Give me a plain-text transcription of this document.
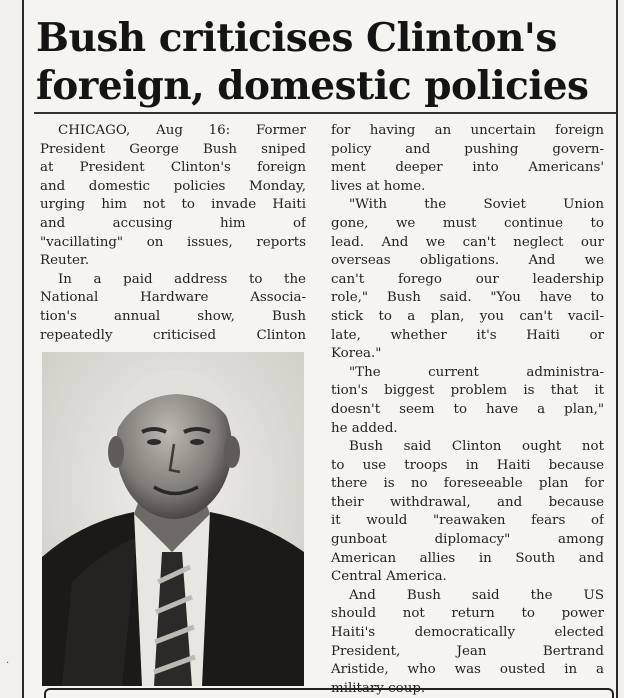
Bush criticises Clinton's
foreign, domestic policies
CHICAGO, Aug 16: Former
President George Bush sniped
at President Clinton's foreign
and domestic policies Monday,
urging him not to invade Haiti
and accusing him of
"vacillating" on issues, reports
Reuter.
In a paid address to the
National Hardware Associa-
tion's annual show, Bush
repeatedly criticised Clinton
for having an uncertain foreign
policy and pushing govern-
ment deeper into Americans'
lives at home.
"With the Soviet Union
gone, we must continue to
lead. And we can't neglect our
overseas obligations. And we
can't forego our leadership
role," Bush said. "You have to
stick to a plan, you can't vacil-
late, whether it's Haiti or
Korea."
"The current administra-
tion's biggest problem is that it
doesn't seem to have a plan,"
he added.
Bush said Clinton ought not
to use troops in Haiti because
there is no foreseeable plan for
their withdrawal, and because
it would "reawaken fears of
gunboat diplomacy" among
American allies in South and
Central America.
And Bush said the US
should not return to power
Haiti's democratically elected
President, Jean Bertrand
Aristide, who was ousted in a
military coup.
·
